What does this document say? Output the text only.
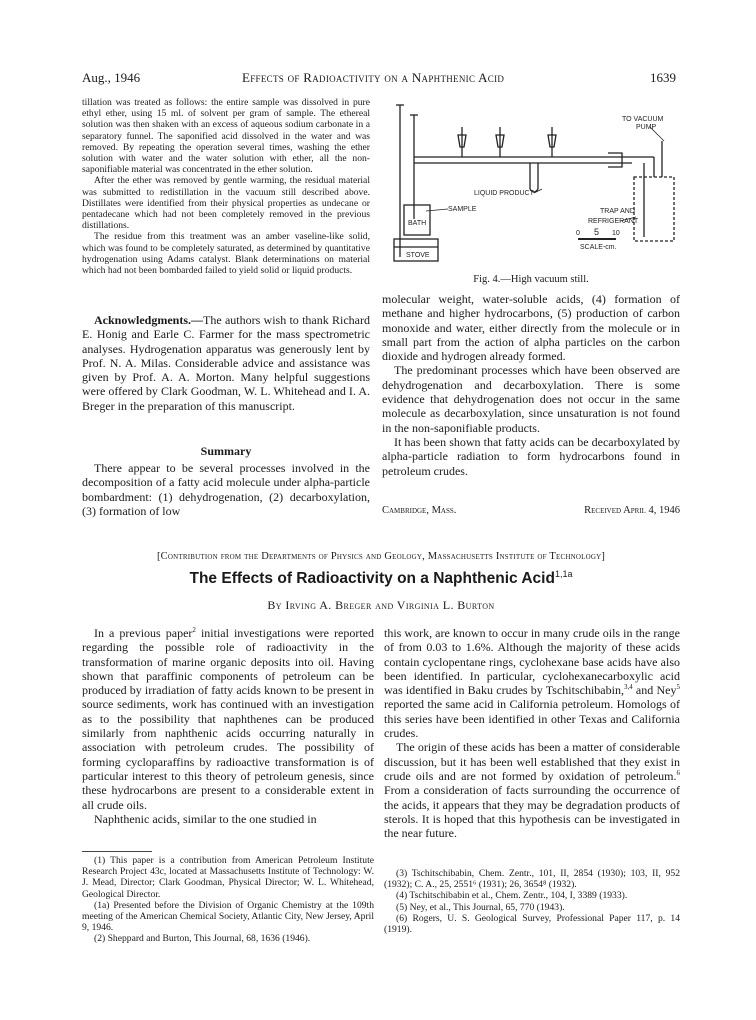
Aug., 1946	Effects of Radioactivity on a Naphthenic Acid	1639

tillation was treated as follows: the entire sample was dissolved in pure ethyl ether, using 15 ml. of solvent per gram of sample. The ethereal solution was then shaken with an excess of aqueous sodium carbonate in a separatory funnel. The saponified acid dissolved in the water and was removed. By repeating the operation several times, washing the ether solution with water and the water solution with ether, all the non-saponifiable material was concentrated in the ether solution.

After the ether was removed by gentle warming, the residual material was submitted to redistillation in the vacuum still described above. Distillates were identified from their physical properties as undecane or pentadecane which had not been completely removed in the previous distillations.

The residue from this treatment was an amber vaseline-like solid, which was found to be completely saturated, as determined by quantitative hydrogenation using Adams catalyst. Blank determinations on material which had not been bombarded failed to yield solid or liquid products.

Acknowledgments.—The authors wish to thank Richard E. Honig and Earle C. Farmer for the mass spectrometric analyses. Hydrogenation apparatus was generously lent by Prof. N. A. Milas. Considerable advice and assistance was given by Prof. A. A. Morton. Many helpful suggestions were offered by Clark Goodman, W. L. Whitehead and I. A. Breger in the preparation of this manuscript.

Summary

There appear to be several processes involved in the decomposition of a fatty acid molecule under alpha-particle bombardment: (1) dehydrogenation, (2) decarboxylation, (3) formation of low

TO VACUUM
PUMP
LIQUID PRODUCT
SAMPLE
BATH
TRAP AND
REFRIGERANT
STOVE
0 5 10
SCALE-cm.
Fig. 4.—High vacuum still.

molecular weight, water-soluble acids, (4) formation of methane and higher hydrocarbons, (5) production of carbon monoxide and water, either directly from the molecule or in small part from the action of alpha particles on the carbon dioxide and hydrogen already formed.

The predominant processes which have been observed are dehydrogenation and decarboxylation. There is some evidence that dehydrogenation does not occur in the same molecule as decarboxylation, since unsaturation is not found in the non-saponifiable products.

It has been shown that fatty acids can be decarboxylated by alpha-particle radiation to form hydrocarbons found in petroleum crudes.

Cambridge, Mass.	Received April 4, 1946
[Contribution from the Departments of Physics and Geology, Massachusetts Institute of Technology]
The Effects of Radioactivity on a Naphthenic Acid$^{1,1a}$
By Irving A. Breger and Virginia L. Burton

In a previous paper$^2$ initial investigations were reported regarding the possible role of radioactivity in the transformation of marine organic deposits into oil. Having shown that paraffinic components of petroleum can be produced by irradiation of fatty acids known to be present in source sediments, work has continued with an investigation as to the possibility that naphthenes can be produced similarly from naphthenic acids occurring naturally in association with petroleum crudes. The possibility of forming cycloparaffins by radioactive transformation is of particular interest to this theory of petroleum genesis, since these hydrocarbons are present to a considerable extent in all crude oils.

Naphthenic acids, similar to the one studied in

this work, are known to occur in many crude oils in the range of from 0.03 to 1.6%. Although the majority of these acids contain cyclopentane rings, cyclohexane base acids have also been identified. In particular, cyclohexanecarboxylic acid was identified in Baku crudes by Tschitschibabin,$^{3,4}$ and Ney$^5$ reported the same acid in California petroleum. Homologs of this series have been identified in other Texas and California crudes.

The origin of these acids has been a matter of considerable discussion, but it has been well established that they exist in crude oils and are not formed by oxidation of petroleum.$^6$ From a consideration of facts surrounding the occurrence of the acids, it appears that they may be degradation products of sterols. It is hoped that this hypothesis can be investigated in the near future.

(1) This paper is a contribution from American Petroleum Institute Research Project 43c, located at Massachusetts Institute of Technology: W. J. Mead, Director; Clark Goodman, Physical Director; W. L. Whitehead, Geological Director.

(1a) Presented before the Division of Organic Chemistry at the 109th meeting of the American Chemical Society, Atlantic City, New Jersey, April 9, 1946.

(2) Sheppard and Burton, This Journal, 68, 1636 (1946).

(3) Tschitschibabin, Chem. Zentr., 101, II, 2854 (1930); 103, II, 952 (1932); C. A., 25, 2551⁶ (1931); 26, 3654⁸ (1932).

(4) Tschitschibabin et al., Chem. Zentr., 104, I, 3389 (1933).

(5) Ney, et al., This Journal, 65, 770 (1943).

(6) Rogers, U. S. Geological Survey, Professional Paper 117, p. 14 (1919).
